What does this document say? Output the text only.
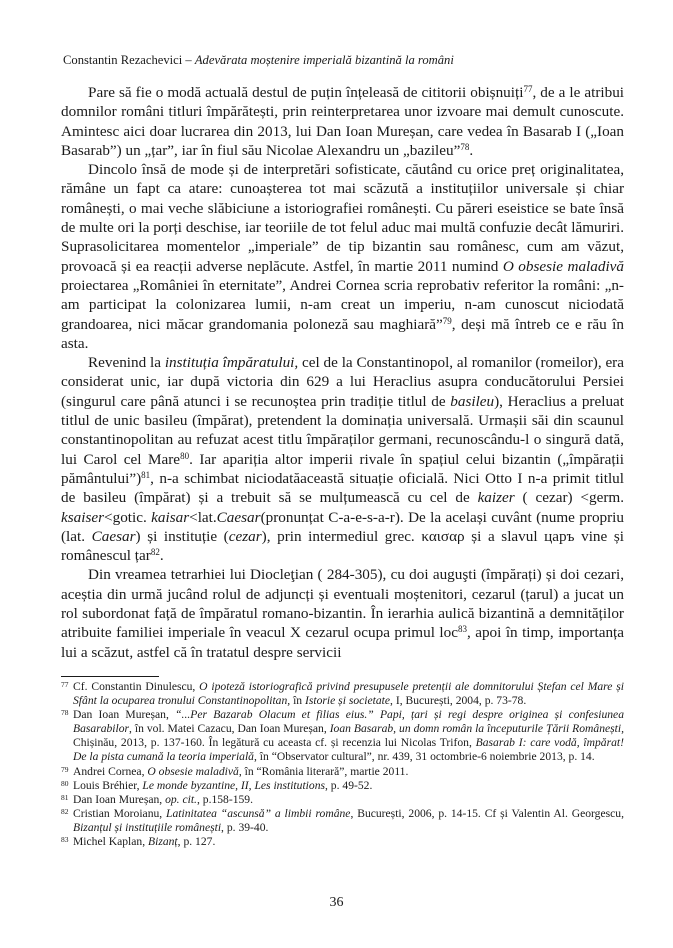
Constantin Rezachevici – Adevărata moștenire imperială bizantină la români

Pare să fie o modă actuală destul de puțin înțeleasă de cititorii obișnuiți$^{77}$, de a le atribui domnilor români titluri împărătești, prin reinterpretarea unor izvoare mai demult cunoscute. Amintesc aici doar lucrarea din 2013, lui Dan Ioan Mureșan, care vedea în Basarab I („Ioan Basarab”) un „țar”, iar în fiul său Nicolae Alexandru un „bazileu”$^{78}$.

Dincolo însă de mode și de interpretări sofisticate, căutând cu orice preț originalitatea, rămâne un fapt ca atare: cunoașterea tot mai scăzută a instituțiilor universale și chiar românești, o mai veche slăbiciune a istoriografiei românești. Cu păreri eseistice se bate însă de multe ori la porți deschise, iar teoriile de tot felul aduc mai multă confuzie decât lămuriri. Suprasolicitarea momentelor „imperiale” de tip bizantin sau românesc, cum am văzut, provoacă și ea reacții adverse neplăcute. Astfel, în martie 2011 numind O obsesie maladivă proiectarea „României în eternitate”, Andrei Cornea scria reprobativ referitor la români: „n-am participat la colonizarea lumii, n-am creat un imperiu, n-am cunoscut niciodată grandoarea, nici măcar grandomania poloneză sau maghiară”$^{79}$, deși mă întreb ce e rău în asta.

Revenind la instituția împăratului, cel de la Constantinopol, al romanilor (romeilor), era considerat unic, iar după victoria din 629 a lui Heraclius asupra conducătorului Persiei (singurul care până atunci i se recunoștea prin tradiție titlul de basileu), Heraclius a preluat titlul de unic basileu (împărat), pretendent la dominația universală. Urmașii săi din scaunul constantinopolitan au refuzat acest titlu împăraților germani, recunoscându-l o singură dată, lui Carol cel Mare$^{80}$. Iar apariția altor imperii rivale în spațiul celui bizantin („împărații pământului”)$^{81}$, n-a schimbat niciodatăaceastă situație oficială. Nici Otto I n-a primit titlul de basileu (împărat) și a trebuit să se mulțumească cu cel de kaizer ( cezar) <germ. ksaiser<gotic. kaisar<lat.Caesar(pronunțat C-a-e-s-a-r). De la același cuvânt (nume propriu (lat. Caesar) și instituție (cezar), prin intermediul grec. καισαρ și a slavul царъ vine și românescul țar$^{82}$.

Din vreamea tetrarhiei lui Diocleţian ( 284-305), cu doi auguşti (împărați) și doi cezari, aceștia din urmă jucând rolul de adjuncți și eventuali moștenitori, cezarul (țarul) a jucat un rol subordonat față de împăratul romano-bizantin. În ierarhia aulică bizantină a demnităților atribuite familiei imperiale în veacul X cezarul ocupa primul loc$^{83}$, apoi în timp, importanța lui a scăzut, astfel că în tratatul despre servicii

77 Cf. Constantin Dinulescu, O ipoteză istoriografică privind presupusele pretenții ale domnitorului Ștefan cel Mare și Sfânt la ocuparea tronului Constantinopolitan, în Istorie și societate, I, București, 2004, p. 73-78.
78 Dan Ioan Mureșan, “...Per Bazarab Olacum et filias eius.” Papi, țari și regi despre originea și confesiunea Basarabilor, în vol. Matei Cazacu, Dan Ioan Mureșan, Ioan Basarab, un domn român la începuturile Țării Românești, Chișinău, 2013, p. 137-160. În legătură cu aceasta cf. și recenzia lui Nicolas Trifon, Basarab I: care vodă, împărat! De la pista cumană la teoria imperială, în “Observator cultural”, nr. 439, 31 octombrie-6 noiembrie 2013, p. 14.
79 Andrei Cornea, O obsesie maladivă, în “România literară”, martie 2011.
80 Louis Bréhier, Le monde byzantine, II, Les institutions, p. 49-52.
81 Dan Ioan Mureșan, op. cit., p.158-159.
82 Cristian Moroianu, Latinitatea “ascunsă” a limbii române, București, 2006, p. 14-15. Cf și Valentin Al. Georgescu, Bizanțul și instituțiile românești, p. 39-40.
83 Michel Kaplan, Bizanț, p. 127.
36
